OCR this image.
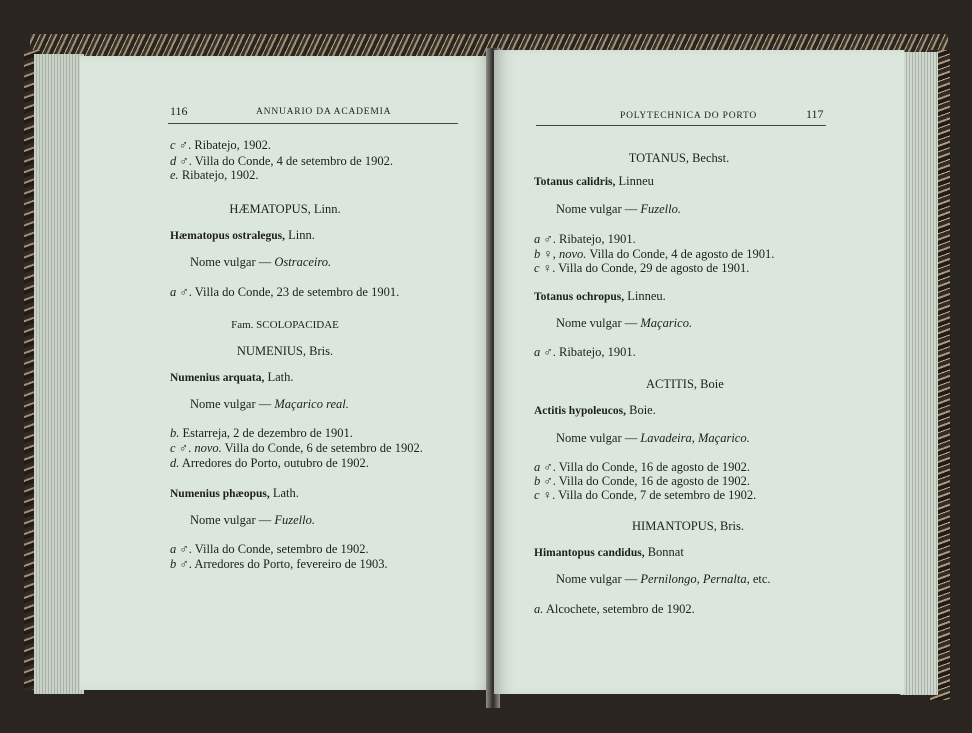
116	ANNUARIO DA ACADEMIA
c ♂. Ribatejo, 1902.
d ♂. Villa do Conde, 4 de setembro de 1902.
e. Ribatejo, 1902.
HÆMATOPUS, Linn.
Hæmatopus ostralegus, Linn.
Nome vulgar — Ostraceiro.
a ♂. Villa do Conde, 23 de setembro de 1901.
Fam. SCOLOPACIDAE
NUMENIUS, Bris.
Numenius arquata, Lath.
Nome vulgar — Maçarico real.
b. Estarreja, 2 de dezembro de 1901.
c ♂. novo. Villa do Conde, 6 de setembro de 1902.
d. Arredores do Porto, outubro de 1902.
Numenius phæopus, Lath.
Nome vulgar — Fuzello.
a ♂. Villa do Conde, setembro de 1902.
b ♂. Arredores do Porto, fevereiro de 1903.
POLYTECHNICA DO PORTO	117
TOTANUS, Bechst.
Totanus calidris, Linneu
Nome vulgar — Fuzello.
a ♂. Ribatejo, 1901.
b ♀, novo. Villa do Conde, 4 de agosto de 1901.
c ♀. Villa do Conde, 29 de agosto de 1901.
Totanus ochropus, Linneu.
Nome vulgar — Maçarico.
a ♂. Ribatejo, 1901.
ACTITIS, Boie
Actitis hypoleucos, Boie.
Nome vulgar — Lavadeira, Maçarico.
a ♂. Villa do Conde, 16 de agosto de 1902.
b ♂. Villa do Conde, 16 de agosto de 1902.
c ♀. Villa do Conde, 7 de setembro de 1902.
HIMANTOPUS, Bris.
Himantopus candidus, Bonnat
Nome vulgar — Pernilongo, Pernalta, etc.
a. Alcochete, setembro de 1902.
